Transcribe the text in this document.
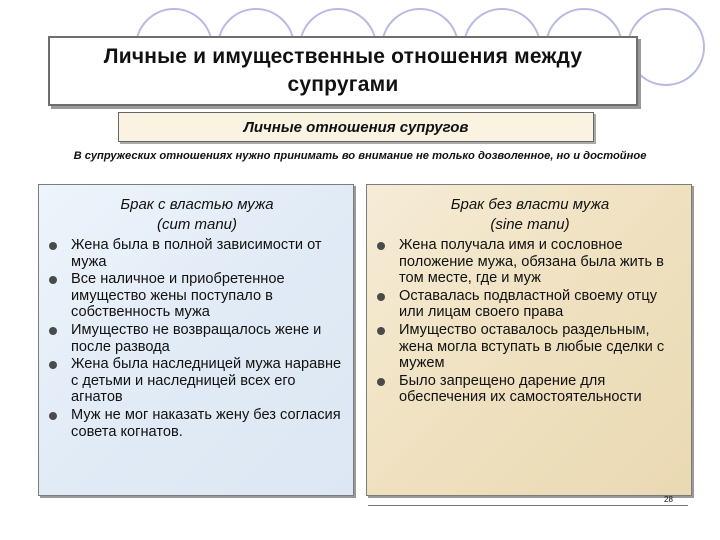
Личные и имущественные отношения между супругами
Личные отношения супругов
В супружеских отношениях нужно принимать во внимание не только дозволенное, но и достойное
Брак с властью мужа
(cum manu)
Жена была в полной зависимости от мужа
Все наличное и приобретенное имущество жены поступало в собственность мужа
Имущество не возвращалось жене и после развода
Жена была наследницей мужа наравне с детьми и наследницей всех его агнатов
Муж не мог наказать жену без согласия совета когнатов.
Брак без власти мужа
(sine manu)
Жена получала имя и сословное положение мужа, обязана была жить в том месте, где и муж
Оставалась подвластной своему отцу или лицам своего права
Имущество оставалось раздельным, жена могла вступать в любые сделки с мужем
Было запрещено дарение для обеспечения их самостоятельности
28
